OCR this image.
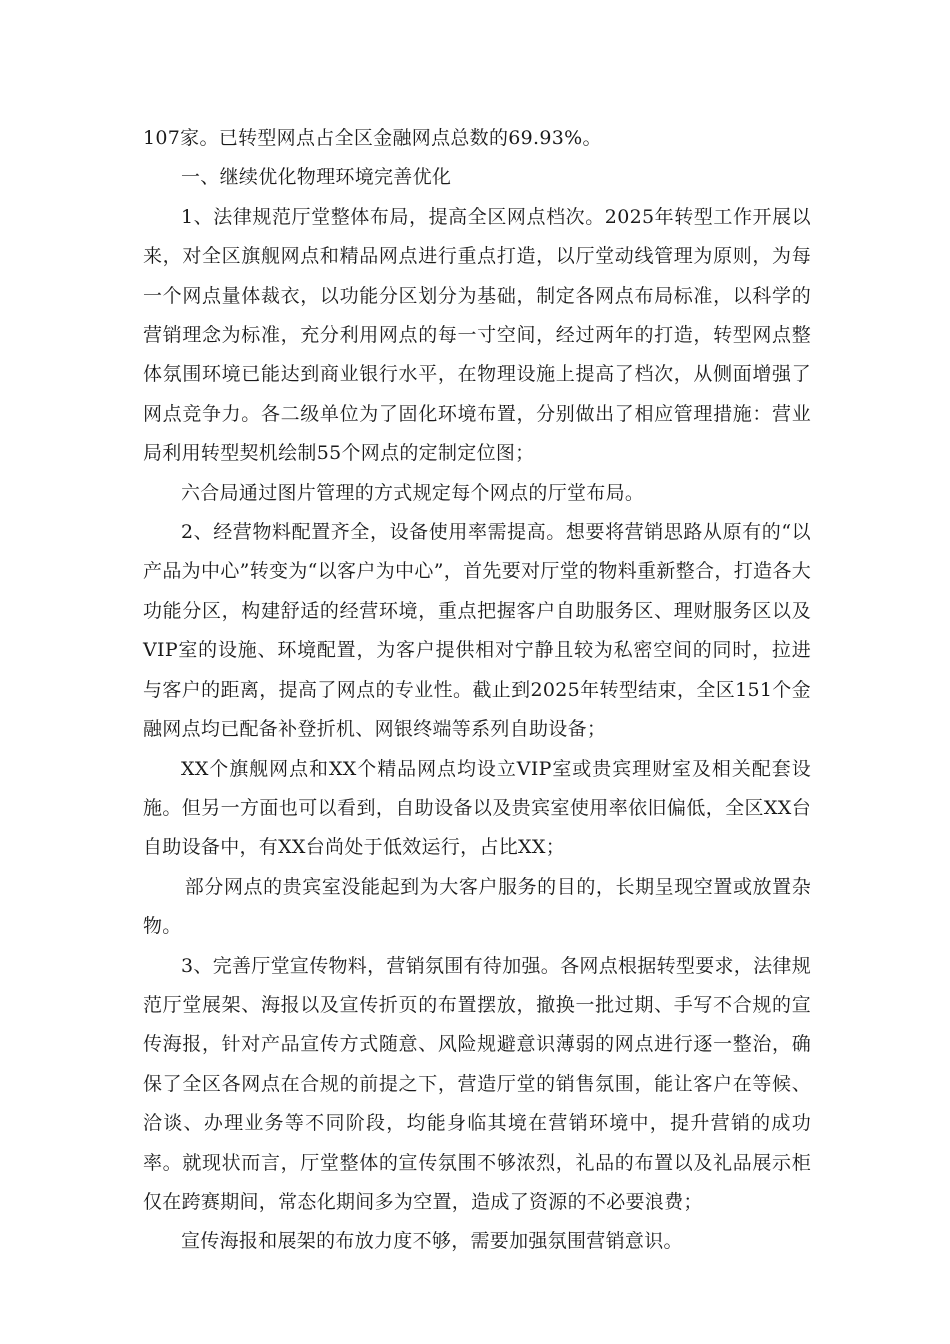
107家。已转型网点占全区金融网点总数的69.93%。

一、继续优化物理环境完善优化

1、法律规范厅堂整体布局，提高全区网点档次。2025年转型工作开展以来，对全区旗舰网点和精品网点进行重点打造，以厅堂动线管理为原则，为每一个网点量体裁衣，以功能分区划分为基础，制定各网点布局标准，以科学的营销理念为标准，充分利用网点的每一寸空间，经过两年的打造，转型网点整体氛围环境已能达到商业银行水平，在物理设施上提高了档次，从侧面增强了网点竞争力。各二级单位为了固化环境布置，分别做出了相应管理措施：营业局利用转型契机绘制55个网点的定制定位图；

六合局通过图片管理的方式规定每个网点的厅堂布局。

2、经营物料配置齐全，设备使用率需提高。想要将营销思路从原有的“以产品为中心”转变为“以客户为中心”，首先要对厅堂的物料重新整合，打造各大功能分区，构建舒适的经营环境，重点把握客户自助服务区、理财服务区以及VIP室的设施、环境配置，为客户提供相对宁静且较为私密空间的同时，拉进与客户的距离，提高了网点的专业性。截止到2025年转型结束，全区151个金融网点均已配备补登折机、网银终端等系列自助设备；

XX个旗舰网点和XX个精品网点均设立VIP室或贵宾理财室及相关配套设施。但另一方面也可以看到，自助设备以及贵宾室使用率依旧偏低，全区XX台自助设备中，有XX台尚处于低效运行，占比XX；

部分网点的贵宾室没能起到为大客户服务的目的，长期呈现空置或放置杂物。

3、完善厅堂宣传物料，营销氛围有待加强。各网点根据转型要求，法律规范厅堂展架、海报以及宣传折页的布置摆放，撤换一批过期、手写不合规的宣传海报，针对产品宣传方式随意、风险规避意识薄弱的网点进行逐一整治，确保了全区各网点在合规的前提之下，营造厅堂的销售氛围，能让客户在等候、洽谈、办理业务等不同阶段，均能身临其境在营销环境中，提升营销的成功率。就现状而言，厅堂整体的宣传氛围不够浓烈，礼品的布置以及礼品展示柜仅在跨赛期间，常态化期间多为空置，造成了资源的不必要浪费；

宣传海报和展架的布放力度不够，需要加强氛围营销意识。
